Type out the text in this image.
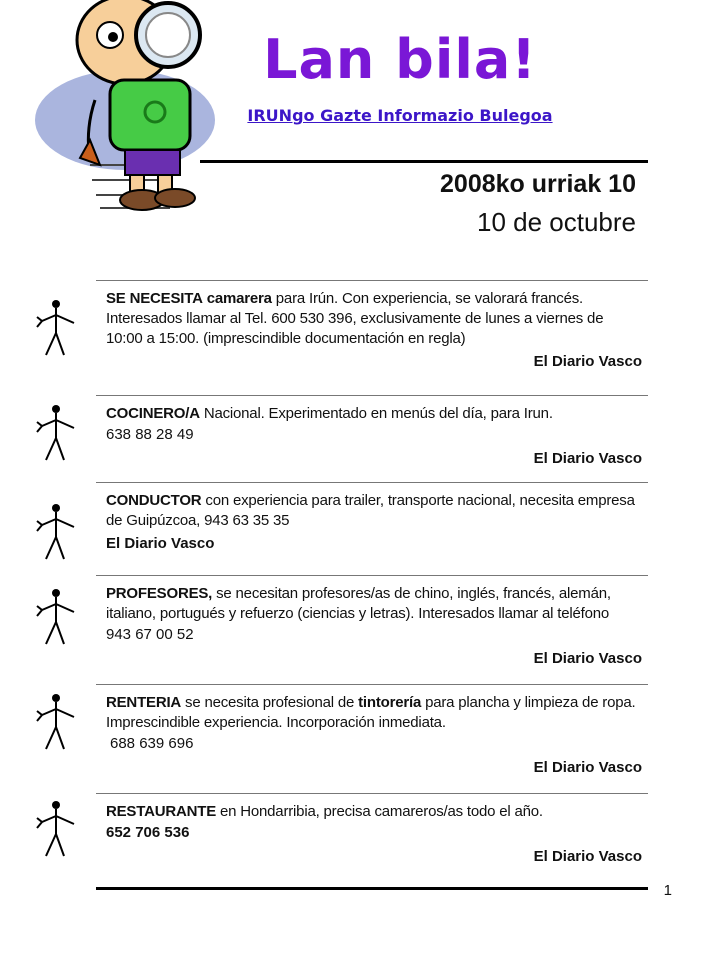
Lan bila!
IRUNgo Gazte Informazio Bulegoa
2008ko urriak 10
10 de octubre
SE NECESITA camarera para Irún. Con experiencia, se valorará francés. Interesados llamar al Tel. 600 530 396, exclusivamente de lunes a viernes de 10:00 a 15:00. (imprescindible documentación en regla)
El Diario Vasco
COCINERO/A Nacional. Experimentado en menús del día, para Irun.
638 88 28 49
El Diario Vasco
CONDUCTOR con experiencia para trailer, transporte nacional, necesita empresa de Guipúzcoa, 943 63 35 35
El Diario Vasco
PROFESORES, se necesitan profesores/as de chino, inglés, francés, alemán, italiano, portugués y refuerzo (ciencias y letras). Interesados llamar al teléfono
943 67 00 52
El Diario Vasco
RENTERIA se necesita profesional de tintorería para plancha y limpieza de ropa. Imprescindible experiencia. Incorporación inmediata.
688 639 696
El Diario Vasco
RESTAURANTE en Hondarribia, precisa camareros/as todo el año.
652 706 536
El Diario Vasco
1
